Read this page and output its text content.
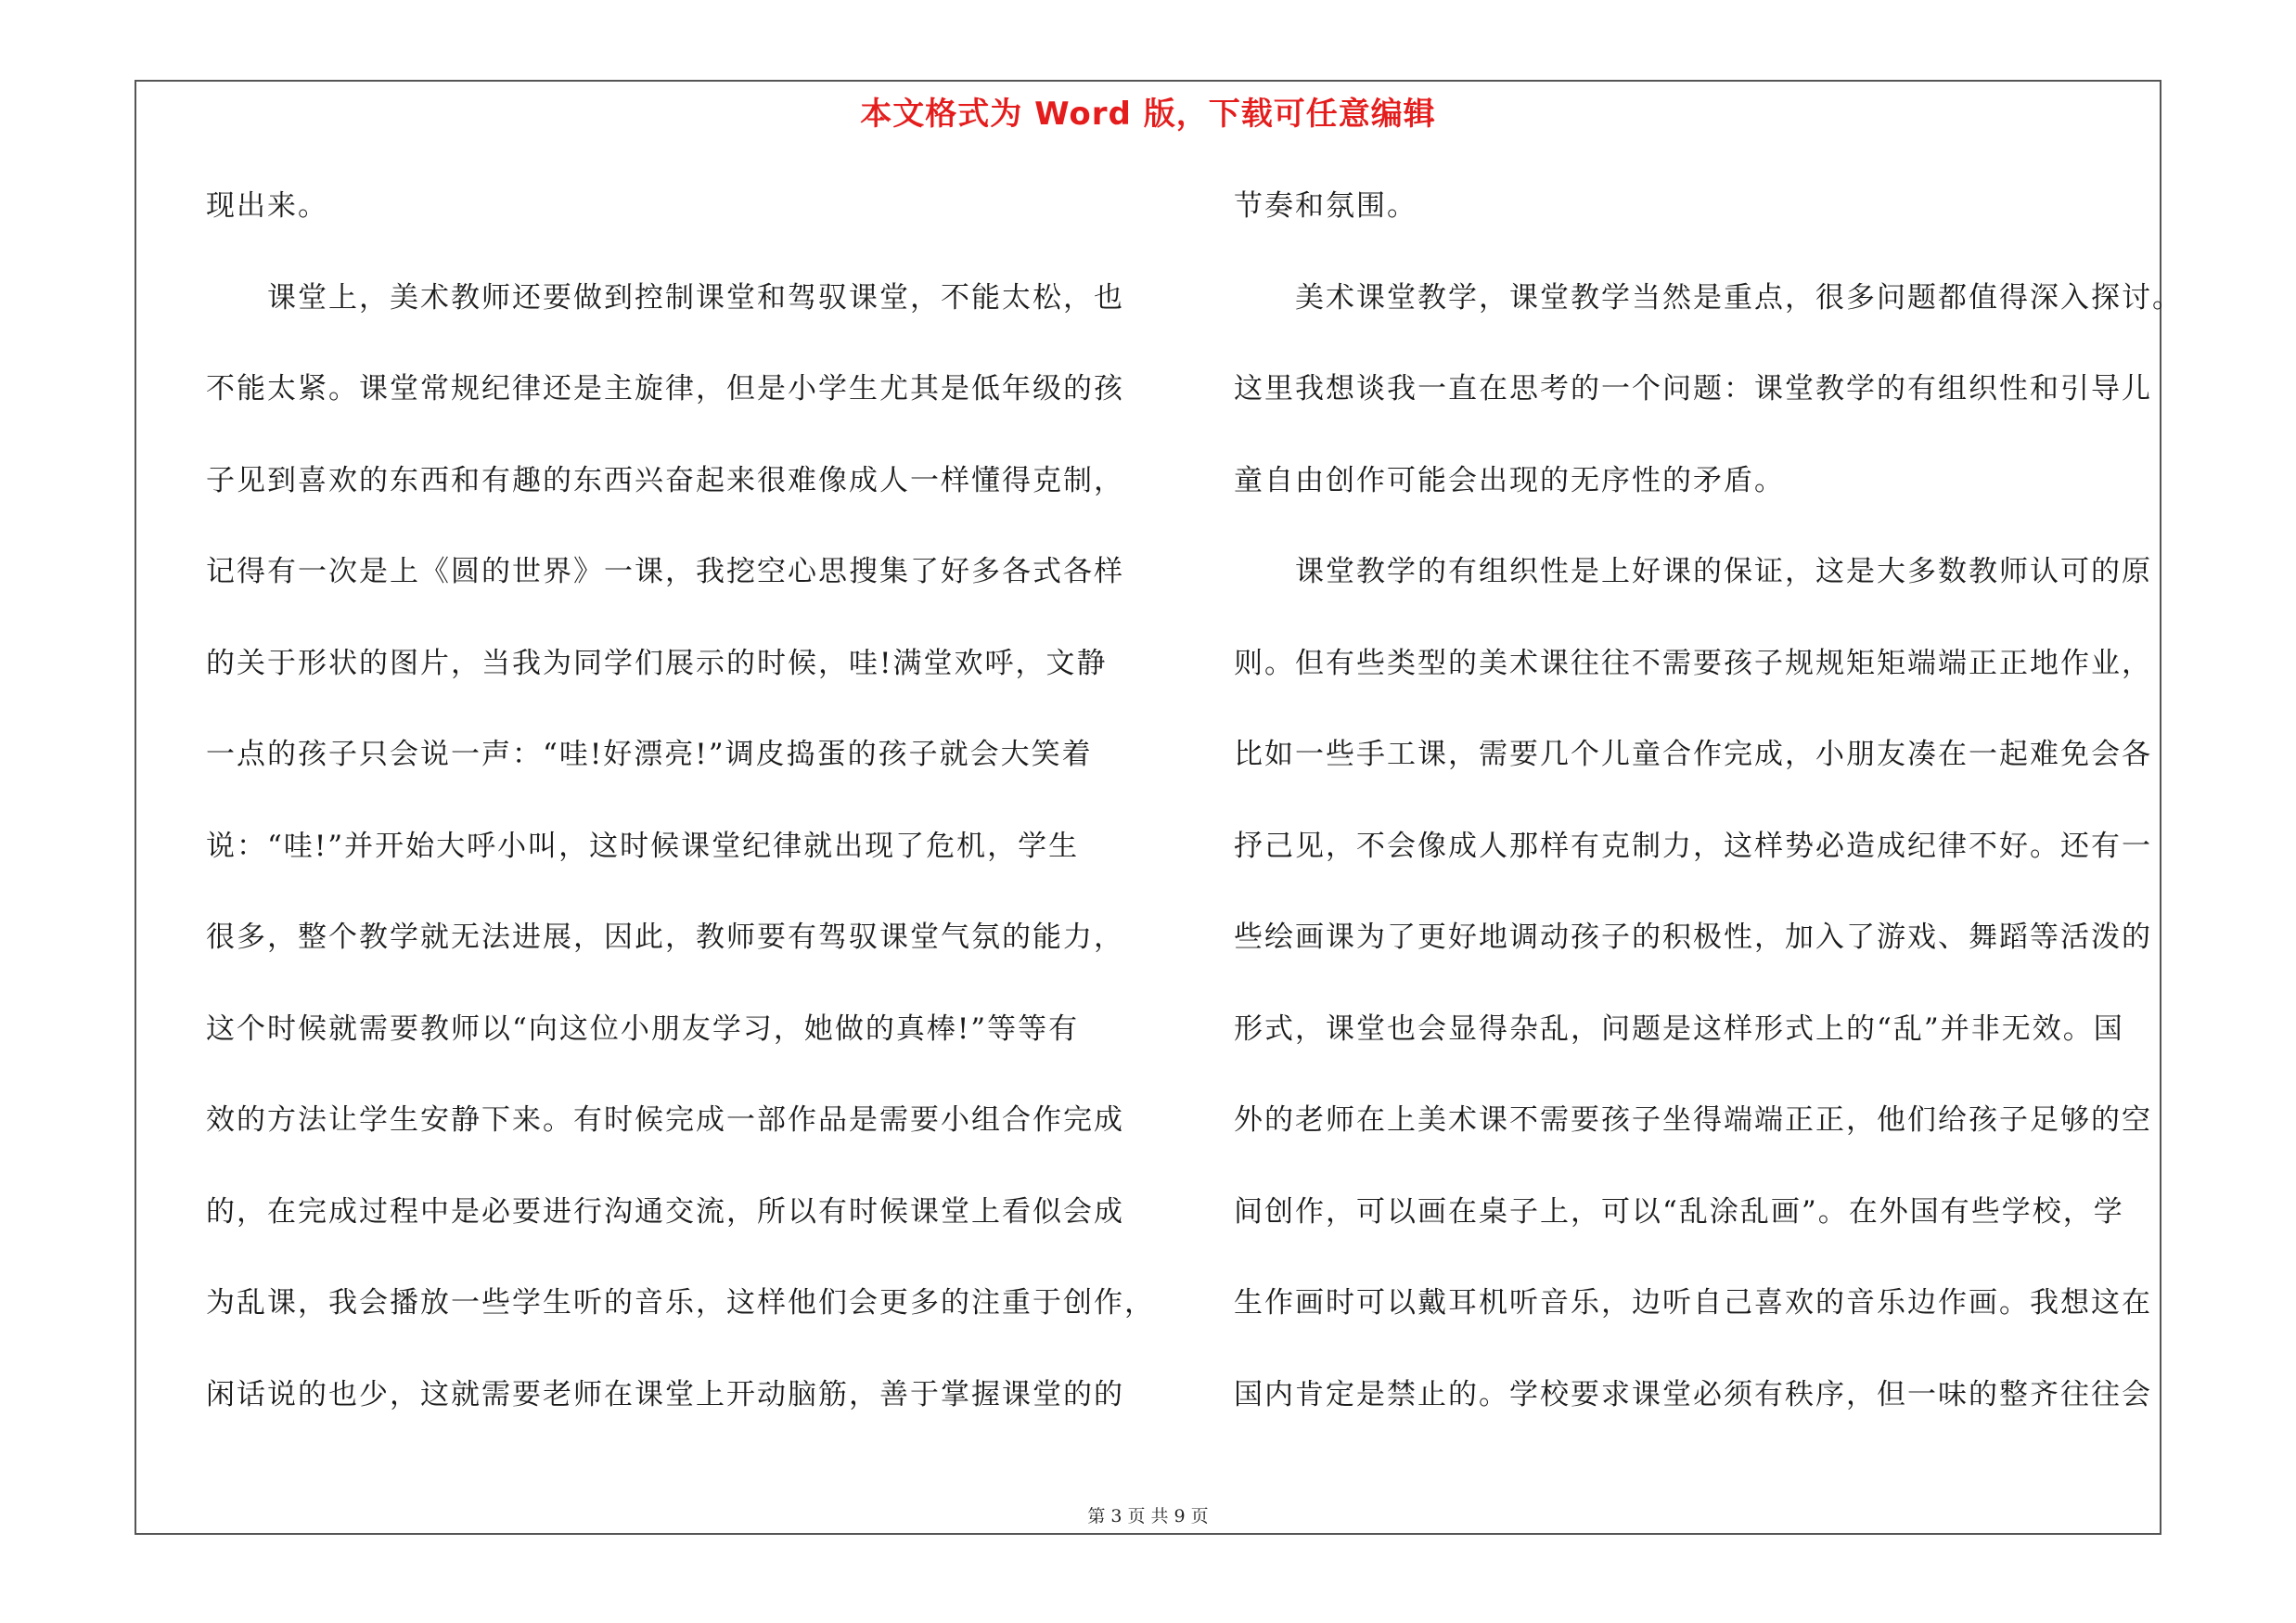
本文格式为 Word 版，下载可任意编辑
现出来。
　　课堂上，美术教师还要做到控制课堂和驾驭课堂，不能太松，也
不能太紧。课堂常规纪律还是主旋律，但是小学生尤其是低年级的孩
子见到喜欢的东西和有趣的东西兴奋起来很难像成人一样懂得克制，
记得有一次是上《圆的世界》一课，我挖空心思搜集了好多各式各样
的关于形状的图片，当我为同学们展示的时候，哇!满堂欢呼，文静
一点的孩子只会说一声：“哇!好漂亮!”调皮捣蛋的孩子就会大笑着
说：“哇!”并开始大呼小叫，这时候课堂纪律就出现了危机，学生
很多，整个教学就无法进展，因此，教师要有驾驭课堂气氛的能力，
这个时候就需要教师以“向这位小朋友学习，她做的真棒!”等等有
效的方法让学生安静下来。有时候完成一部作品是需要小组合作完成
的，在完成过程中是必要进行沟通交流，所以有时候课堂上看似会成
为乱课，我会播放一些学生听的音乐，这样他们会更多的注重于创作，
闲话说的也少，这就需要老师在课堂上开动脑筋，善于掌握课堂的的
节奏和氛围。
　　美术课堂教学，课堂教学当然是重点，很多问题都值得深入探讨。
这里我想谈我一直在思考的一个问题：课堂教学的有组织性和引导儿
童自由创作可能会出现的无序性的矛盾。
　　课堂教学的有组织性是上好课的保证，这是大多数教师认可的原
则。但有些类型的美术课往往不需要孩子规规矩矩端端正正地作业，
比如一些手工课，需要几个儿童合作完成，小朋友凑在一起难免会各
抒己见，不会像成人那样有克制力，这样势必造成纪律不好。还有一
些绘画课为了更好地调动孩子的积极性，加入了游戏、舞蹈等活泼的
形式，课堂也会显得杂乱，问题是这样形式上的“乱”并非无效。国
外的老师在上美术课不需要孩子坐得端端正正，他们给孩子足够的空
间创作，可以画在桌子上，可以“乱涂乱画”。在外国有些学校，学
生作画时可以戴耳机听音乐，边听自己喜欢的音乐边作画。我想这在
国内肯定是禁止的。学校要求课堂必须有秩序，但一味的整齐往往会
第 3 页 共 9 页
